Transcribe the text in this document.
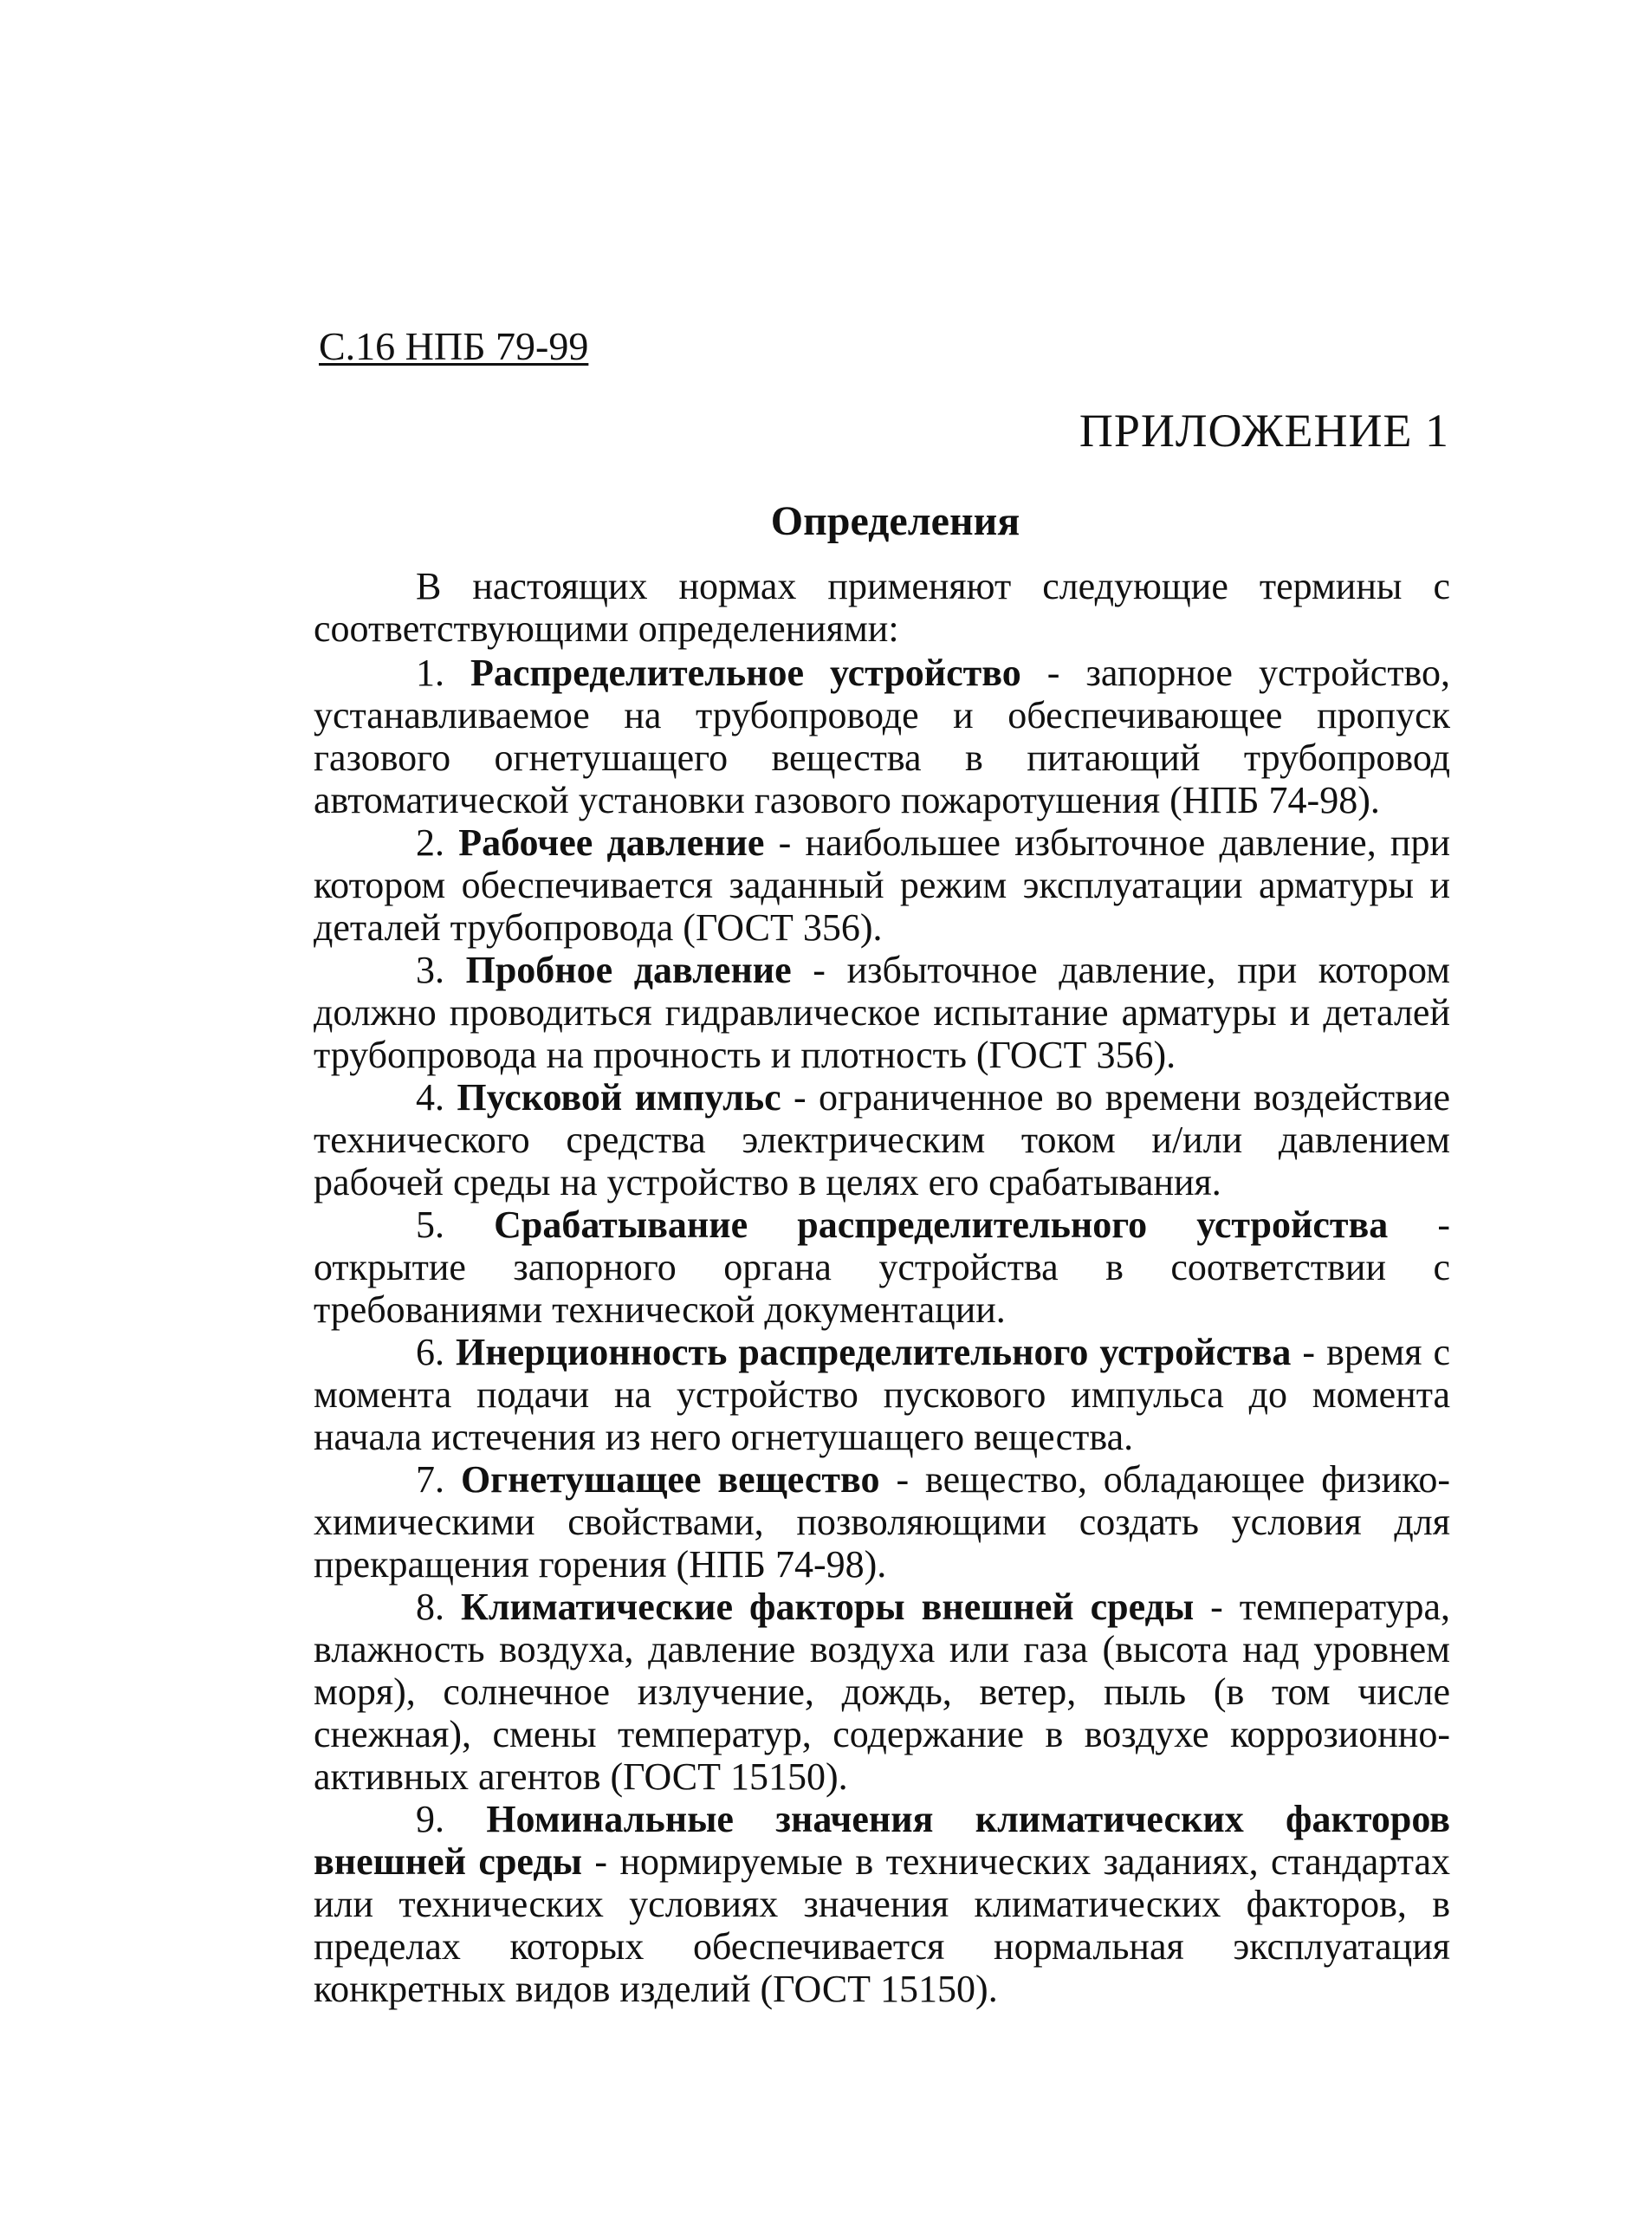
С.16 НПБ 79-99
ПРИЛОЖЕНИЕ 1
Определения

В настоящих нормах применяют следующие термины с соответствующими определениями:

1. Распределительное устройство - запорное устройство, устанавливаемое на трубопроводе и обеспечивающее пропуск газового огнетушащего вещества в питающий трубопровод автоматической установки газового пожаротушения (НПБ 74-98).

2. Рабочее давление - наибольшее избыточное давление, при котором обеспечивается заданный режим эксплуатации арматуры и деталей трубопровода (ГОСТ 356).

3. Пробное давление - избыточное давление, при котором должно проводиться гидравлическое испытание арматуры и деталей трубопровода на прочность и плотность (ГОСТ 356).

4. Пусковой импульс - ограниченное во времени воздействие технического средства электрическим током и/или давлением рабочей среды на устройство в целях его срабатывания.

5. Срабатывание распределительного устройства - открытие запорного органа устройства в соответствии с требованиями технической документации.

6. Инерционность распределительного устройства - время с момента подачи на устройство пускового импульса до момента начала истечения из него огнетушащего вещества.

7. Огнетушащее вещество - вещество, обладающее физико-химическими свойствами, позволяющими создать условия для прекращения горения (НПБ 74-98).

8. Климатические факторы внешней среды - температура, влажность воздуха, давление воздуха или газа (высота над уровнем моря), солнечное излучение, дождь, ветер, пыль (в том числе снежная), смены температур, содержание в воздухе коррозионно-активных агентов (ГОСТ 15150).

9. Номинальные значения климатических факторов внешней среды - нормируемые в технических заданиях, стандартах или технических условиях значения климатических факторов, в пределах которых обеспечивается нормальная эксплуатация конкретных видов изделий (ГОСТ 15150).
